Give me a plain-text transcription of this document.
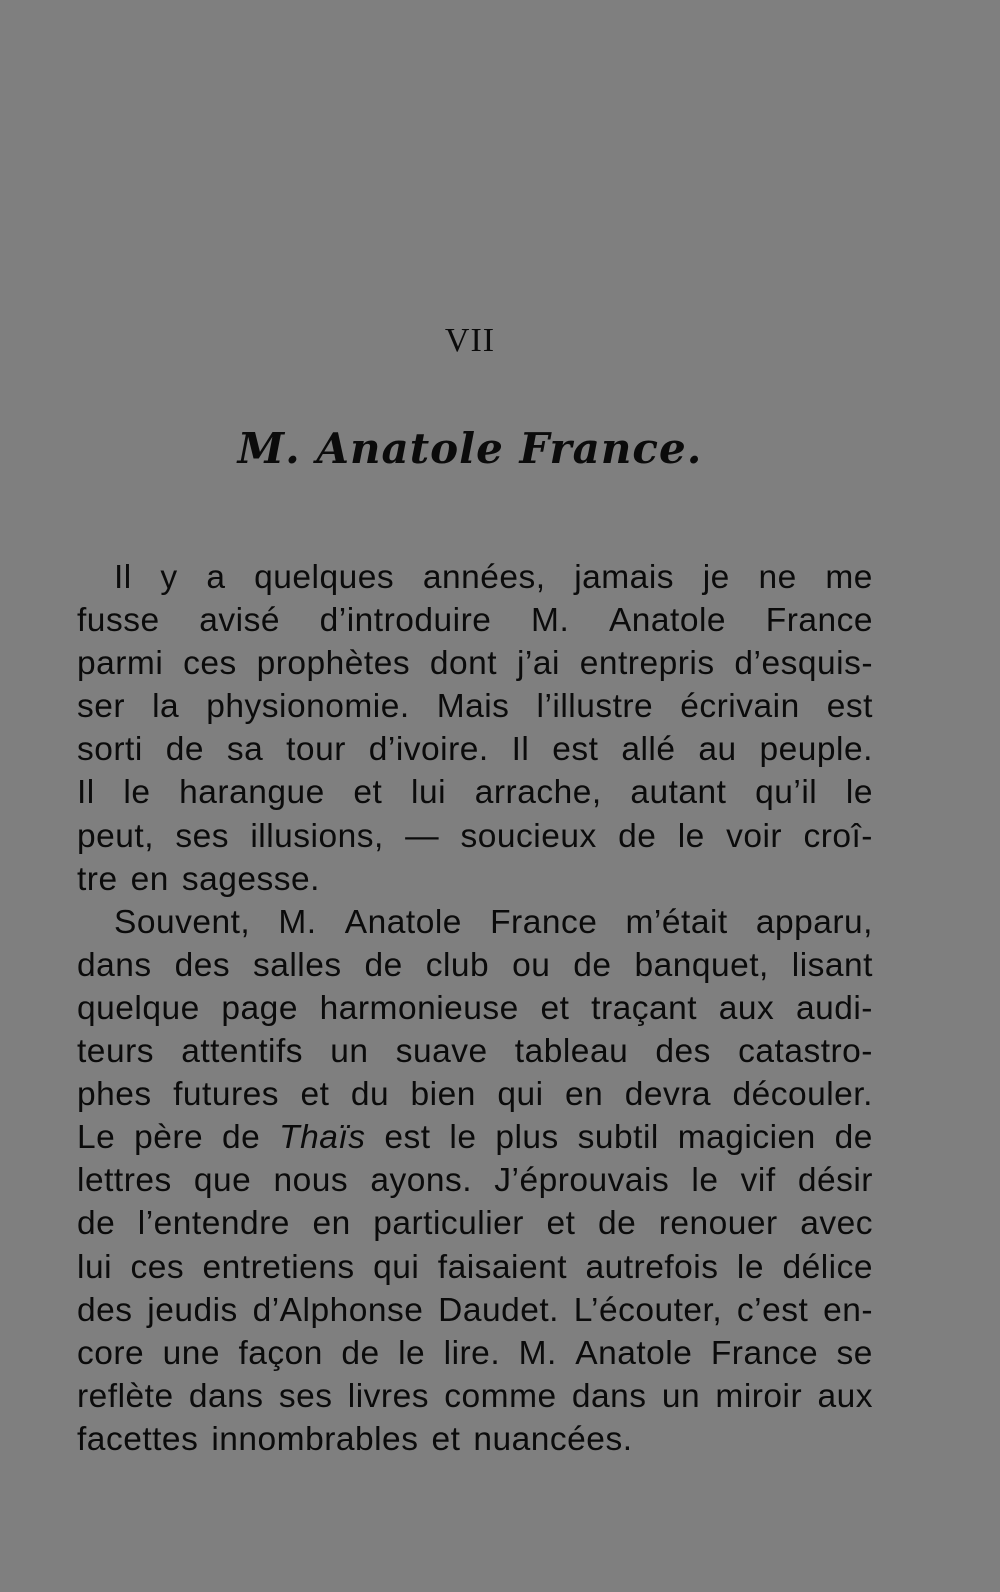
VII
M. Anatole France.
Il y a quelques années, jamais je ne me
fusse avisé d’introduire M. Anatole France
parmi ces prophètes dont j’ai entrepris d’esquis-
ser la physionomie. Mais l’illustre écrivain est
sorti de sa tour d’ivoire. Il est allé au peuple.
Il le harangue et lui arrache, autant qu’il le
peut, ses illusions, — soucieux de le voir croî-
tre en sagesse.
Souvent, M. Anatole France m’était apparu,
dans des salles de club ou de banquet, lisant
quelque page harmonieuse et traçant aux audi-
teurs attentifs un suave tableau des catastro-
phes futures et du bien qui en devra découler.
Le père de Thaïs est le plus subtil magicien de
lettres que nous ayons. J’éprouvais le vif désir
de l’entendre en particulier et de renouer avec
lui ces entretiens qui faisaient autrefois le délice
des jeudis d’Alphonse Daudet. L’écouter, c’est en-
core une façon de le lire. M. Anatole France se
reflète dans ses livres comme dans un miroir aux
facettes innombrables et nuancées.
